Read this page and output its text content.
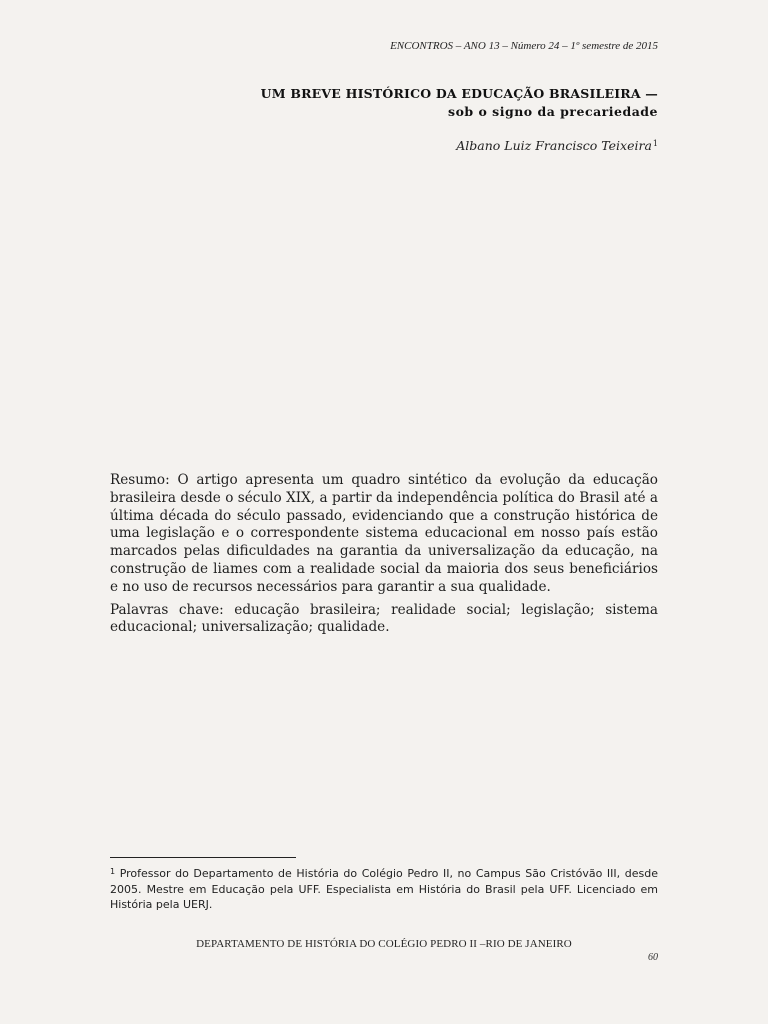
ENCONTROS – ANO 13 – Número 24 – 1º semestre de 2015
UM BREVE HISTÓRICO DA EDUCAÇÃO BRASILEIRA —
sob o signo da precariedade
Albano Luiz Francisco Teixeira$^1$

Resumo: O artigo apresenta um quadro sintético da evolução da educação brasileira desde o século XIX, a partir da independência política do Brasil até a última década do século passado, evidenciando que a construção histórica de uma legislação e o correspondente sistema educacional em nosso país estão marcados pelas dificuldades na garantia da universalização da educação, na construção de liames com a realidade social da maioria dos seus beneficiários e no uso de recursos necessários para garantir a sua qualidade.

Palavras chave: educação brasileira; realidade social; legislação; sistema educacional; universalização; qualidade.

$^1$ Professor do Departamento de História do Colégio Pedro II, no Campus São Cristóvão III, desde 2005. Mestre em Educação pela UFF. Especialista em História do Brasil pela UFF. Licenciado em História pela UERJ.
DEPARTAMENTO DE HISTÓRIA DO COLÉGIO PEDRO II –RIO DE JANEIRO
60
